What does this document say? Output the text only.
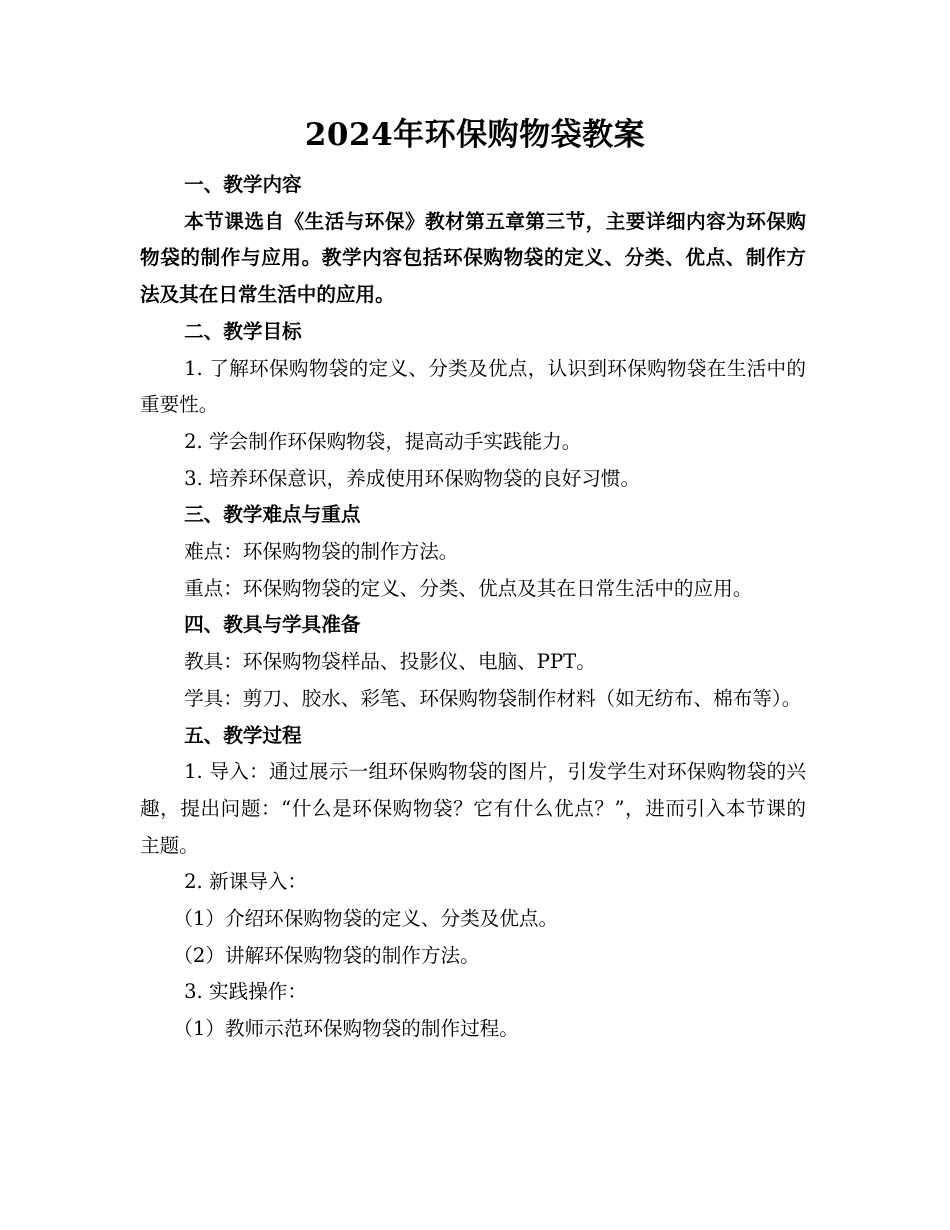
2024年环保购物袋教案

一、教学内容

本节课选自《生活与环保》教材第五章第三节，主要详细内容为环保购物袋的制作与应用。教学内容包括环保购物袋的定义、分类、优点、制作方法及其在日常生活中的应用。

二、教学目标

1. 了解环保购物袋的定义、分类及优点，认识到环保购物袋在生活中的重要性。

2. 学会制作环保购物袋，提高动手实践能力。

3. 培养环保意识，养成使用环保购物袋的良好习惯。

三、教学难点与重点

难点：环保购物袋的制作方法。

重点：环保购物袋的定义、分类、优点及其在日常生活中的应用。

四、教具与学具准备

教具：环保购物袋样品、投影仪、电脑、PPT。

学具：剪刀、胶水、彩笔、环保购物袋制作材料（如无纺布、棉布等）。

五、教学过程

1. 导入：通过展示一组环保购物袋的图片，引发学生对环保购物袋的兴趣，提出问题：“什么是环保购物袋？它有什么优点？”，进而引入本节课的主题。

2. 新课导入：

（1）介绍环保购物袋的定义、分类及优点。

（2）讲解环保购物袋的制作方法。

3. 实践操作：

（1）教师示范环保购物袋的制作过程。
